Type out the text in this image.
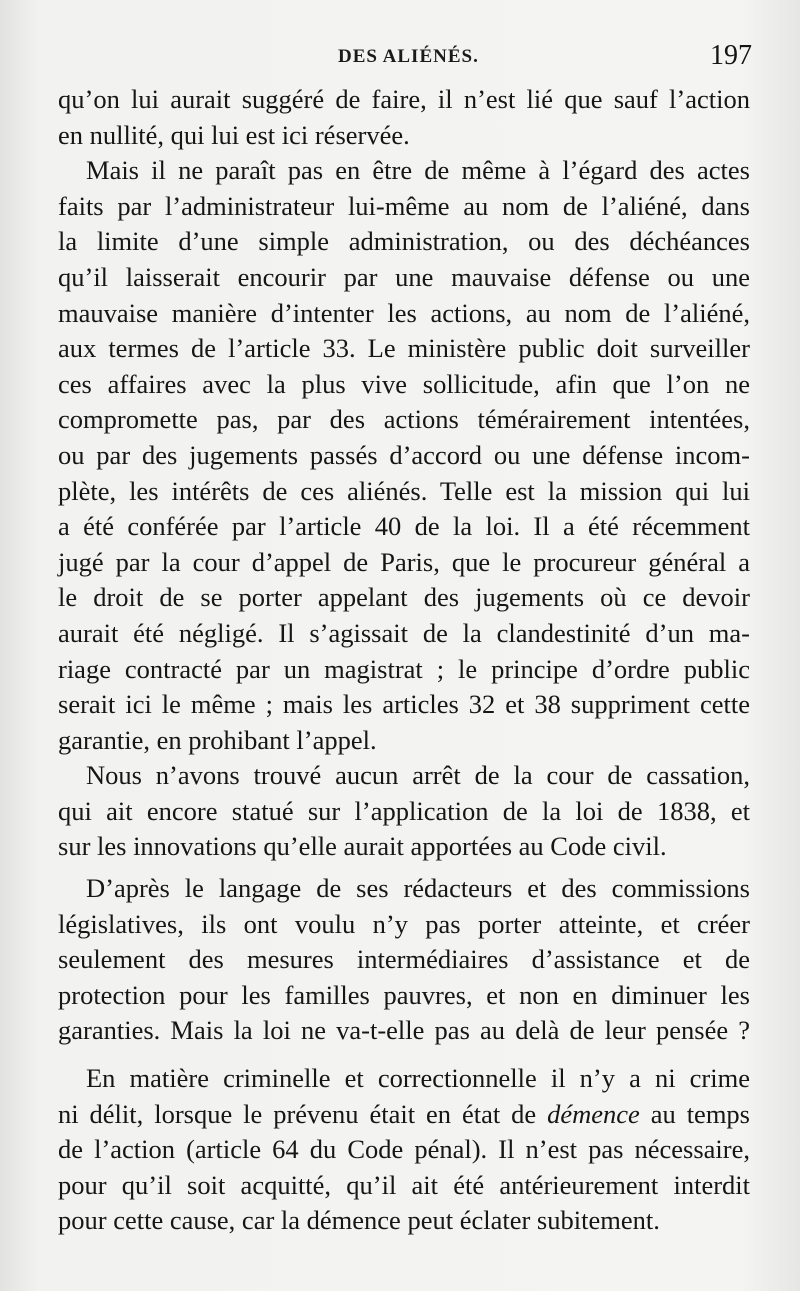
DES ALIÉNÉS.	197
qu’on lui aurait suggéré de faire, il n’est lié que sauf l’action
en nullité, qui lui est ici réservée.
Mais il ne paraît pas en être de même à l’égard des actes
faits par l’administrateur lui-même au nom de l’aliéné, dans
la limite d’une simple administration, ou des déchéances
qu’il laisserait encourir par une mauvaise défense ou une
mauvaise manière d’intenter les actions, au nom de l’aliéné,
aux termes de l’article 33. Le ministère public doit surveiller
ces affaires avec la plus vive sollicitude, afin que l’on ne
compromette pas, par des actions témérairement intentées,
ou par des jugements passés d’accord ou une défense incom-
plète, les intérêts de ces aliénés. Telle est la mission qui lui
a été conférée par l’article 40 de la loi. Il a été récemment
jugé par la cour d’appel de Paris, que le procureur général a
le droit de se porter appelant des jugements où ce devoir
aurait été négligé. Il s’agissait de la clandestinité d’un ma-
riage contracté par un magistrat ; le principe d’ordre public
serait ici le même ; mais les articles 32 et 38 suppriment cette
garantie, en prohibant l’appel.
Nous n’avons trouvé aucun arrêt de la cour de cassation,
qui ait encore statué sur l’application de la loi de 1838, et
sur les innovations qu’elle aurait apportées au Code civil.
D’après le langage de ses rédacteurs et des commissions
législatives, ils ont voulu n’y pas porter atteinte, et créer
seulement des mesures intermédiaires d’assistance et de
protection pour les familles pauvres, et non en diminuer les
garanties. Mais la loi ne va-t-elle pas au delà de leur pensée ?
En matière criminelle et correctionnelle il n’y a ni crime
ni délit, lorsque le prévenu était en état de démence au temps
de l’action (article 64 du Code pénal). Il n’est pas nécessaire,
pour qu’il soit acquitté, qu’il ait été antérieurement interdit
pour cette cause, car la démence peut éclater subitement.
